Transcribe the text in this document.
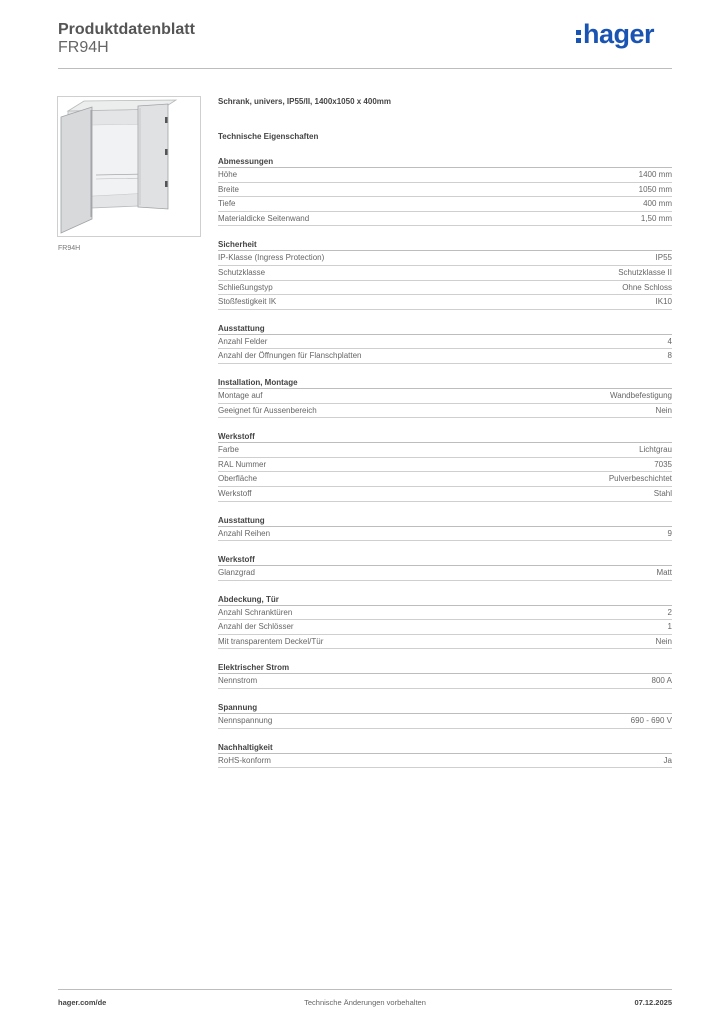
Produktdatenblatt
FR94H	hager
FR94H
Schrank, univers, IP55/II, 1400x1050 x 400mm
Technische Eigenschaften
Abmessungen
Höhe	1400 mm
Breite	1050 mm
Tiefe	400 mm
Materialdicke Seitenwand	1,50 mm
Sicherheit
IP-Klasse (Ingress Protection)	IP55
Schutzklasse	Schutzklasse II
Schließungstyp	Ohne Schloss
Stoßfestigkeit IK	IK10
Ausstattung
Anzahl Felder	4
Anzahl der Öffnungen für Flanschplatten	8
Installation, Montage
Montage auf	Wandbefestigung
Geeignet für Aussenbereich	Nein
Werkstoff
Farbe	Lichtgrau
RAL Nummer	7035
Oberfläche	Pulverbeschichtet
Werkstoff	Stahl
Ausstattung
Anzahl Reihen	9
Werkstoff
Glanzgrad	Matt
Abdeckung, Tür
Anzahl Schranktüren	2
Anzahl der Schlösser	1
Mit transparentem Deckel/Tür	Nein
Elektrischer Strom
Nennstrom	800 A
Spannung
Nennspannung	690 - 690 V
Nachhaltigkeit
RoHS-konform	Ja
hager.com/de	Technische Änderungen vorbehalten	07.12.2025
